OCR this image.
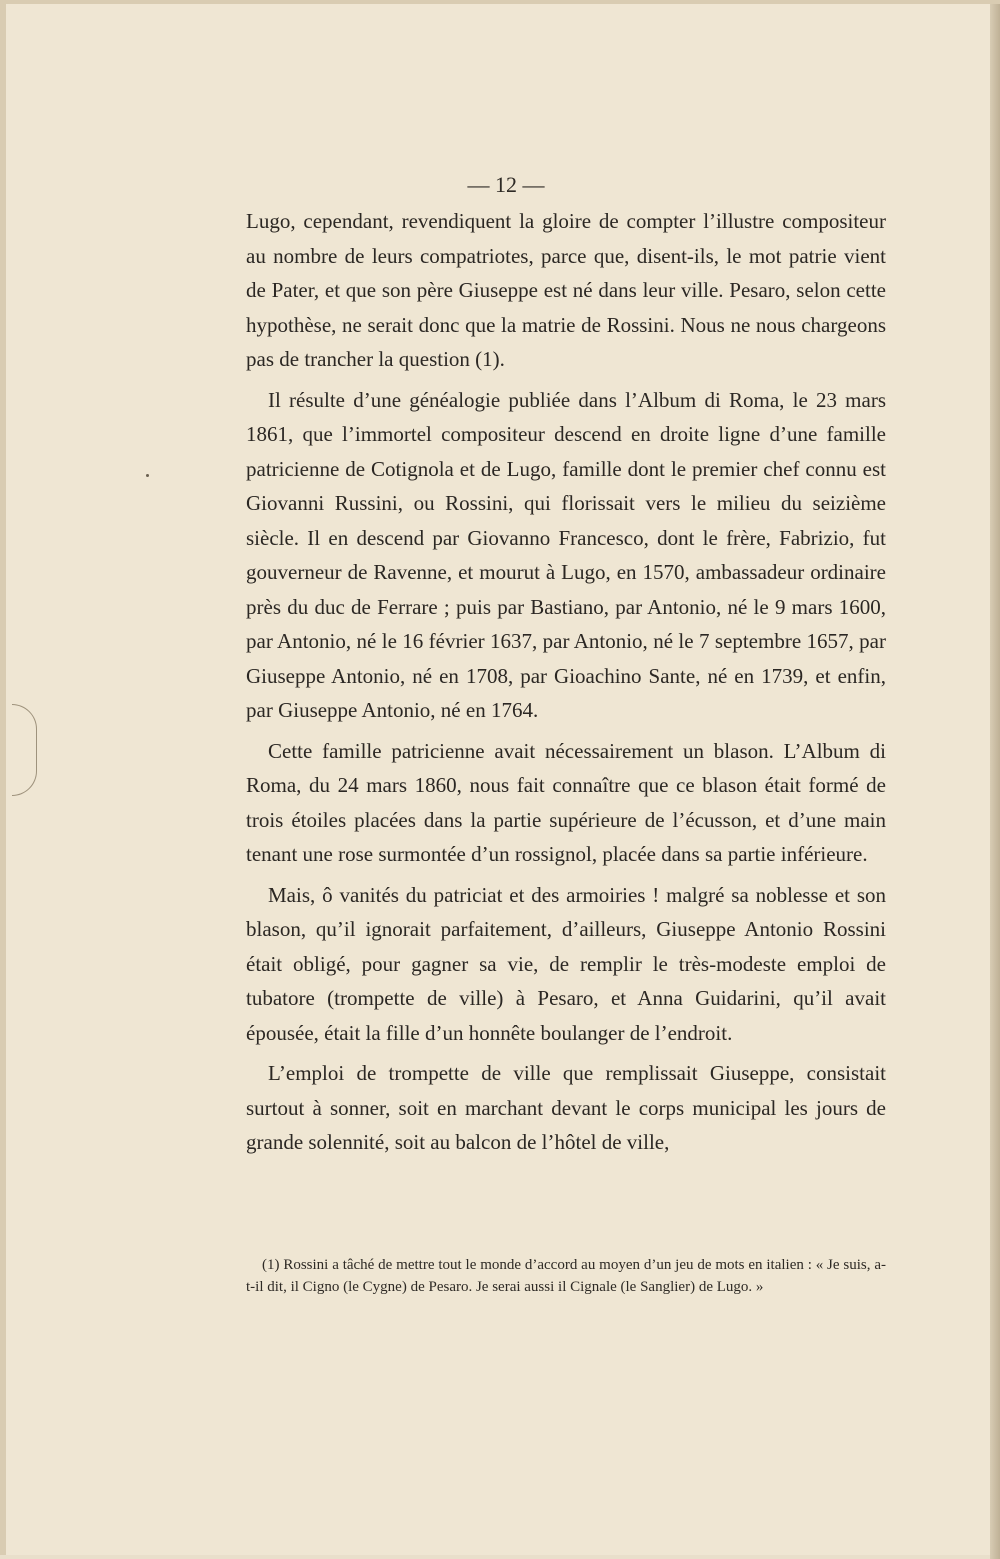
— 12 —

Lugo, cependant, revendiquent la gloire de compter l’illustre compositeur au nombre de leurs compatriotes, parce que, disent-ils, le mot patrie vient de Pater, et que son père Giuseppe est né dans leur ville. Pesaro, selon cette hypothèse, ne serait donc que la matrie de Rossini. Nous ne nous chargeons pas de trancher la question (1).

Il résulte d’une généalogie publiée dans l’Album di Roma, le 23 mars 1861, que l’immortel compositeur descend en droite ligne d’une famille patricienne de Cotignola et de Lugo, famille dont le premier chef connu est Giovanni Russini, ou Rossini, qui florissait vers le milieu du seizième siècle. Il en descend par Giovanno Francesco, dont le frère, Fabrizio, fut gouverneur de Ravenne, et mourut à Lugo, en 1570, ambassadeur ordinaire près du duc de Ferrare ; puis par Bastiano, par Antonio, né le 9 mars 1600, par Antonio, né le 16 février 1637, par Antonio, né le 7 septembre 1657, par Giuseppe Antonio, né en 1708, par Gioachino Sante, né en 1739, et enfin, par Giuseppe Antonio, né en 1764.

Cette famille patricienne avait nécessairement un blason. L’Album di Roma, du 24 mars 1860, nous fait connaître que ce blason était formé de trois étoiles placées dans la partie supérieure de l’écusson, et d’une main tenant une rose surmontée d’un rossignol, placée dans sa partie inférieure.

Mais, ô vanités du patriciat et des armoiries ! malgré sa noblesse et son blason, qu’il ignorait parfaitement, d’ailleurs, Giuseppe Antonio Rossini était obligé, pour gagner sa vie, de remplir le très-modeste emploi de tubatore (trompette de ville) à Pesaro, et Anna Guidarini, qu’il avait épousée, était la fille d’un honnête boulanger de l’endroit.

L’emploi de trompette de ville que remplissait Giuseppe, consistait surtout à sonner, soit en marchant devant le corps municipal les jours de grande solennité, soit au balcon de l’hôtel de ville,

(1) Rossini a tâché de mettre tout le monde d’accord au moyen d’un jeu de mots en italien : « Je suis, a-t-il dit, il Cigno (le Cygne) de Pesaro. Je serai aussi il Cignale (le Sanglier) de Lugo. »
